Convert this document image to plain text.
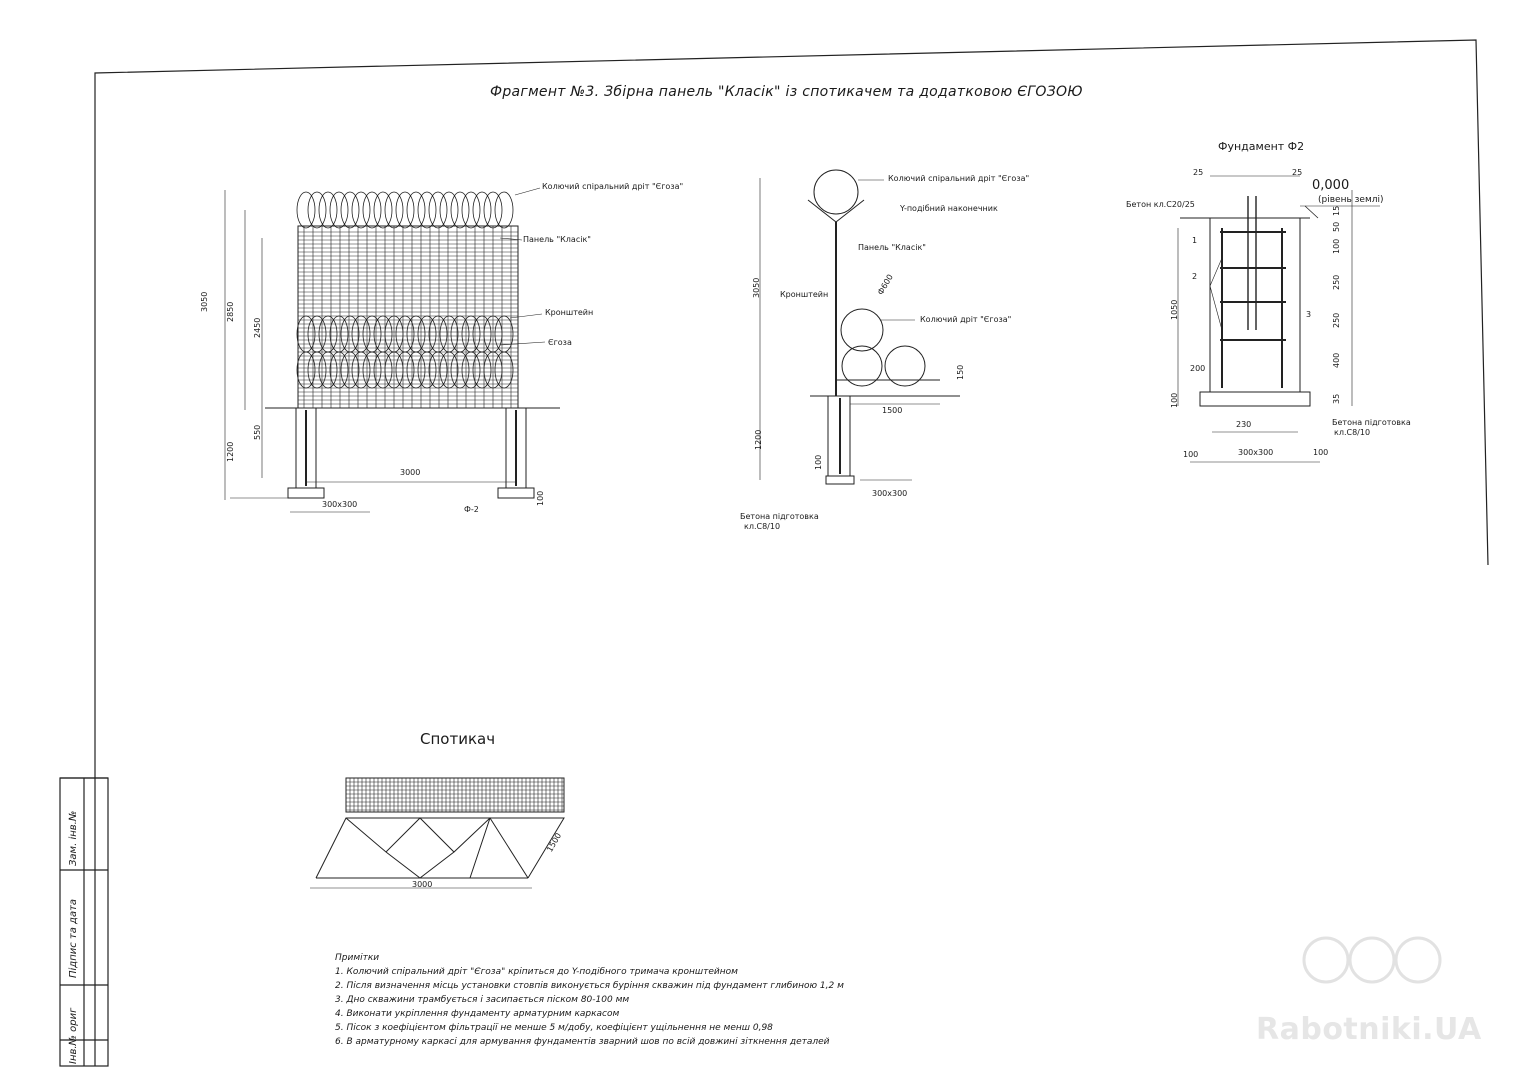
Фрагмент №3. Збірна панель "Класік" із спотикачем та додатковою ЄГОЗОЮ
Колючий спіральний дріт "Єгоза"
Панель "Класік"
Кронштейн
Єгоза
3050 2850
2450
550
1200
3000
100
300x300
Ф-2
Колючий спіральний дріт "Єгоза"
Y-подібний наконечник
Панель "Класік"
Кронштейн	Ф600
Колючий дріт "Єгоза"
3050
150
1500
1200
100
300x300
Бетона підготовка
кл.С8/10
Фундамент Ф2
0,000
(рівень землі)
Бетон кл.С20/25
Бетона підготовка
кл.С8/10
25	25
15
50
100
250
250
400
35
1050
200
100
230
300x300
100	100
1
2
3
Спотикач
3000
1500
Примітки
1. Колючий спіральний дріт "Єгоза" кріпиться до Y-подібного тримача кронштейном
2. Після визначення місць установки стовпів виконується буріння скважин під фундамент глибиною 1,2 м
3. Дно скважини трамбується і засипається піском 80-100 мм
4. Виконати укріплення фундаменту арматурним каркасом
5. Пісок з коефіцієнтом фільтрації не менше 5 м/добу, коефіцієнт ущільнення не менш 0,98
6. В арматурному каркасі для армування фундаментів зварний шов по всій довжині зіткнення деталей
Інв.№ ориг
Підпис та дата
Зам. інв.№
Rabotniki.UA
